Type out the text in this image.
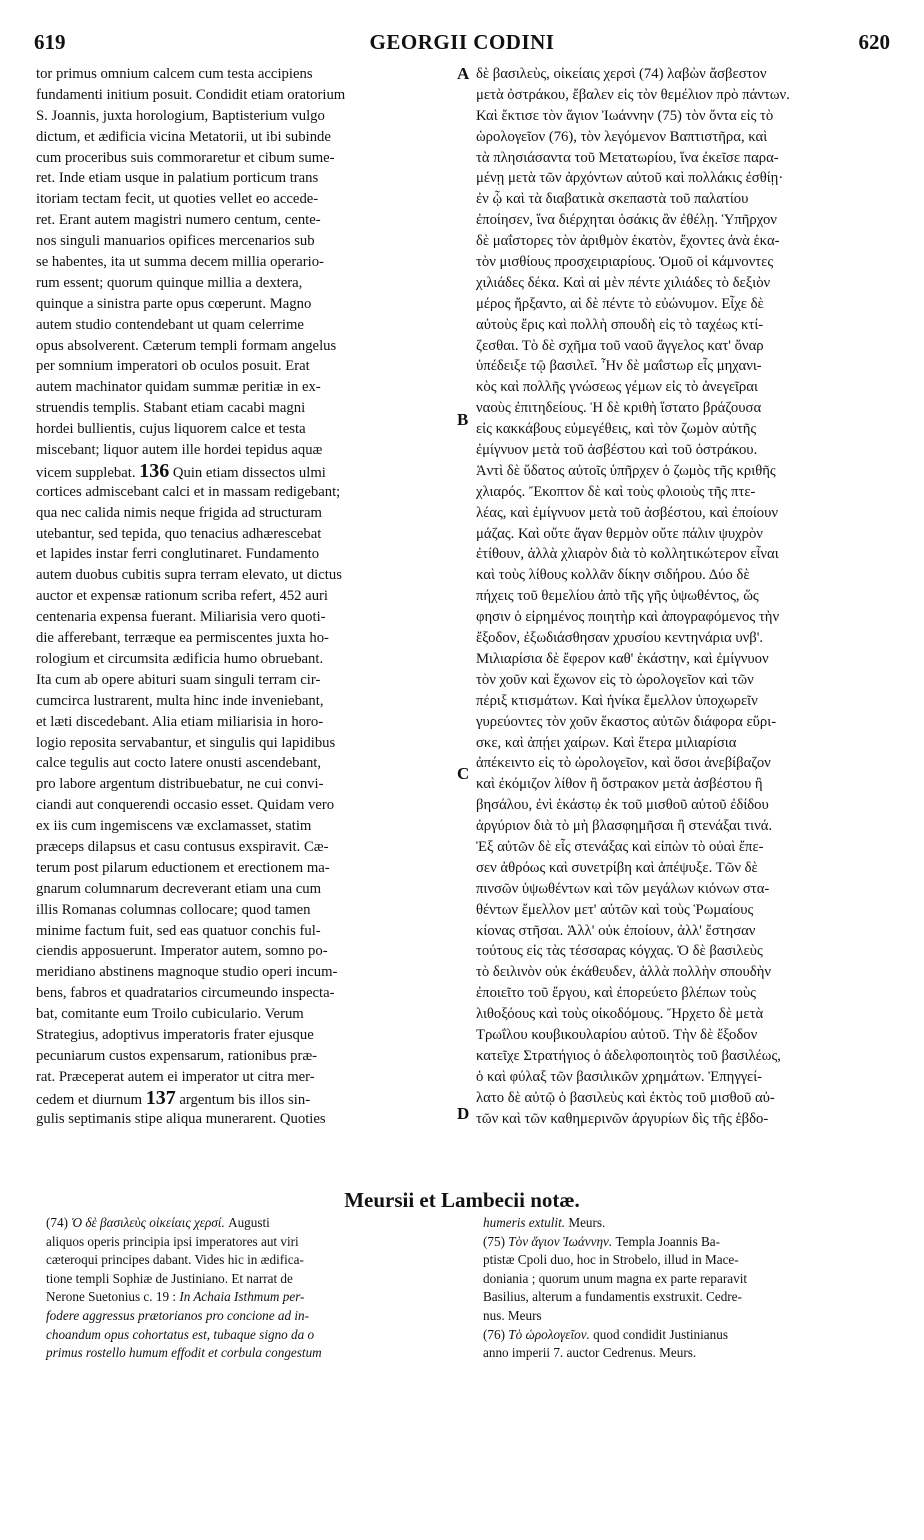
619	GEORGII CODINI	620
tor primus omnium calcem cum testa accipiens
fundamenti initium posuit. Condidit etiam oratorium
S. Joannis, juxta horologium, Baptisterium vulgo
dictum, et ædificia vicina Metatorii, ut ibi subinde
cum proceribus suis commoraretur et cibum sume-
ret. Inde etiam usque in palatium porticum trans
itoriam tectam fecit, ut quoties vellet eo accede-
ret. Erant autem magistri numero centum, cente-
nos singuli manuarios opifices mercenarios sub
se habentes, ita ut summa decem millia operario-
rum essent; quorum quinque millia a dextera,
quinque a sinistra parte opus cœperunt. Magno
autem studio contendebant ut quam celerrime
opus absolverent. Cæterum templi formam angelus
per somnium imperatori ob oculos posuit. Erat
autem machinator quidam summæ peritiæ in ex-
struendis templis. Stabant etiam cacabi magni
hordei bullientis, cujus liquorem calce et testa
miscebant; liquor autem ille hordei tepidus aquæ
vicem supplebat. 136 Quin etiam dissectos ulmi
cortices admiscebant calci et in massam redigebant;
qua nec calida nimis neque frigida ad structuram
utebantur, sed tepida, quo tenacius adhærescebat
et lapides instar ferri conglutinaret. Fundamento
autem duobus cubitis supra terram elevato, ut dictus
auctor et expensæ rationum scriba refert, 452 auri
centenaria expensa fuerant. Miliarisia vero quoti-
die afferebant, terræque ea permiscentes juxta ho-
rologium et circumsita ædificia humo obruebant.
Ita cum ab opere abituri suam singuli terram cir-
cumcirca lustrarent, multa hinc inde inveniebant,
et læti discedebant. Alia etiam miliarisia in horo-
logio reposita servabantur, et singulis qui lapidibus
calce tegulis aut cocto latere onusti ascendebant,
pro labore argentum distribuebatur, ne cui convi-
ciandi aut conquerendi occasio esset. Quidam vero
ex iis cum ingemiscens væ exclamasset, statim
præceps dilapsus et casu contusus exspiravit. Cæ-
terum post pilarum eductionem et erectionem ma-
gnarum columnarum decreverant etiam una cum
illis Romanas columnas collocare; quod tamen
minime factum fuit, sed eas quatuor conchis ful-
ciendis apposuerunt. Imperator autem, somno po-
meridiano abstinens magnoque studio operi incum-
bens, fabros et quadratarios circumeundo inspecta-
bat, comitante eum Troilo cubiculario. Verum
Strategius, adoptivus imperatoris frater ejusque
pecuniarum custos expensarum, rationibus præ-
rat. Præceperat autem ei imperator ut citra mer-
cedem et diurnum 137 argentum bis illos sin-
gulis septimanis stipe aliqua munerarent. Quoties
δὲ βασιλεὺς, οἰκείαις χερσὶ (74) λαβὼν ἄσβεστον
μετὰ ὀστράκου, ἔβαλεν εἰς τὸν θεμέλιον πρὸ πάντων.
Καὶ ἔκτισε τὸν ἅγιον Ἰωάννην (75) τὸν ὄντα εἰς τὸ
ὡρολογεῖον (76), τὸν λεγόμενον Βαπτιστῆρα, καὶ
τὰ πλησιάσαντα τοῦ Μετατωρίου, ἵνα ἐκεῖσε παρα-
μένῃ μετὰ τῶν ἀρχόντων αὐτοῦ καὶ πολλάκις ἐσθίῃ·
ἐν ᾧ καὶ τὰ διαβατικὰ σκεπαστὰ τοῦ παλατίου
ἐποίησεν, ἵνα διέρχηται ὁσάκις ἂν ἐθέλῃ. Ὑπῆρχον
δὲ μαΐστορες τὸν ἀριθμὸν ἑκατὸν, ἔχοντες ἀνὰ ἑκα-
τὸν μισθίους προσχειριαρίους. Ὁμοῦ οἱ κάμνοντες
χιλιάδες δέκα. Καὶ αἱ μὲν πέντε χιλιάδες τὸ δεξιὸν
μέρος ἤρξαντο, αἱ δὲ πέντε τὸ εὐώνυμον. Εἶχε δὲ
αὐτοὺς ἔρις καὶ πολλὴ σπουδὴ εἰς τὸ ταχέως κτί-
ζεσθαι. Τὸ δὲ σχῆμα τοῦ ναοῦ ἄγγελος κατ' ὄναρ
ὑπέδειξε τῷ βασιλεῖ. Ἦν δὲ μαΐστωρ εἷς μηχανι-
κὸς καὶ πολλῆς γνώσεως γέμων εἰς τὸ ἀνεγεῖραι
ναοὺς ἐπιτηδείους. Ἡ δὲ κριθὴ ἵστατο βράζουσα
εἰς κακκάβους εὐμεγέθεις, καὶ τὸν ζωμὸν αὐτῆς
ἐμίγνυον μετὰ τοῦ ἀσβέστου καὶ τοῦ ὀστράκου.
Ἀντὶ δὲ ὕδατος αὐτοῖς ὑπῆρχεν ὁ ζωμὸς τῆς κριθῆς
χλιαρός. Ἔκοπτον δὲ καὶ τοὺς φλοιοὺς τῆς πτε-
λέας, καὶ ἐμίγνυον μετὰ τοῦ ἀσβέστου, καὶ ἐποίουν
μάζας. Καὶ οὔτε ἄγαν θερμὸν οὔτε πάλιν ψυχρὸν
ἐτίθουν, ἀλλὰ χλιαρὸν διὰ τὸ κολλητικώτερον εἶναι
καὶ τοὺς λίθους κολλᾶν δίκην σιδήρου. Δύο δὲ
πήχεις τοῦ θεμελίου ἀπὸ τῆς γῆς ὑψωθέντος, ὥς
φησιν ὁ εἰρημένος ποιητὴρ καὶ ἀπογραφόμενος τὴν
ἔξοδον, ἐξωδιάσθησαν χρυσίου κεντηνάρια υνβ'.
Μιλιαρίσια δὲ ἔφερον καθ' ἑκάστην, καὶ ἐμίγνυον
τὸν χοῦν καὶ ἔχωνον εἰς τὸ ὡρολογεῖον καὶ τῶν
πέριξ κτισμάτων. Καὶ ἡνίκα ἔμελλον ὑποχωρεῖν
γυρεύοντες τὸν χοῦν ἕκαστος αὐτῶν διάφορα εὕρι-
σκε, καὶ ἀπῄει χαίρων. Καὶ ἕτερα μιλιαρίσια
ἀπέκειντο εἰς τὸ ὡρολογεῖον, καὶ ὅσοι ἀνεβίβαζον
καὶ ἐκόμιζον λίθον ἢ ὄστρακον μετὰ ἀσβέστου ἢ
βησάλου, ἐνὶ ἑκάστῳ ἐκ τοῦ μισθοῦ αὐτοῦ ἐδίδου
ἀργύριον διὰ τὸ μὴ βλασφημῆσαι ἢ στενάξαι τινά.
Ἐξ αὐτῶν δὲ εἷς στενάξας καὶ εἰπὼν τὸ οὐαὶ ἔπε-
σεν ἀθρόως καὶ συνετρίβη καὶ ἀπέψυξε. Τῶν δὲ
πινσῶν ὑψωθέντων καὶ τῶν μεγάλων κιόνων στα-
θέντων ἔμελλον μετ' αὐτῶν καὶ τοὺς Ῥωμαίους
κίονας στῆσαι. Ἀλλ' οὐκ ἐποίουν, ἀλλ' ἔστησαν
τούτους εἰς τὰς τέσσαρας κόγχας. Ὁ δὲ βασιλεὺς
τὸ δειλινὸν οὐκ ἐκάθευδεν, ἀλλὰ πολλὴν σπουδὴν
ἐποιεῖτο τοῦ ἔργου, καὶ ἐπορεύετο βλέπων τοὺς
λιθοξόους καὶ τοὺς οἰκοδόμους. Ἤρχετο δὲ μετὰ
Τρωΐλου κουβικουλαρίου αὐτοῦ. Τὴν δὲ ἔξοδον
κατεῖχε Στρατήγιος ὁ ἀδελφοποιητὸς τοῦ βασιλέως,
ὁ καὶ φύλαξ τῶν βασιλικῶν χρημάτων. Ἐπηγγεί-
λατο δὲ αὐτῷ ὁ βασιλεὺς καὶ ἐκτὸς τοῦ μισθοῦ αὐ-
τῶν καὶ τῶν καθημερινῶν ἀργυρίων δὶς τῆς ἑβδο-
A
B
C
D
Meursii et Lambecii notæ.
(74) Ὁ δὲ βασιλεὺς οἰκείαις χερσί. Augusti
aliquos operis principia ipsi imperatores aut viri
cæteroqui principes dabant. Vides hic in ædifica-
tione templi Sophiæ de Justiniano. Et narrat de
Nerone Suetonius c. 19 : In Achaia Isthmum per-
fodere aggressus prætorianos pro concione ad in-
choandum opus cohortatus est, tubaque signo da o
primus rostello humum effodit et corbula congestum
humeris extulit. Meurs.
(75) Τὸν ἅγιον Ἰωάννην. Templa Joannis Ba-
ptistæ Cpoli duo, hoc in Strobelo, illud in Mace-
doniania ; quorum unum magna ex parte reparavit
Basilius, alterum a fundamentis exstruxit. Cedre-
nus. Meurs
(76) Τὸ ὡρολογεῖον. quod condidit Justinianus
anno imperii 7. auctor Cedrenus. Meurs.
